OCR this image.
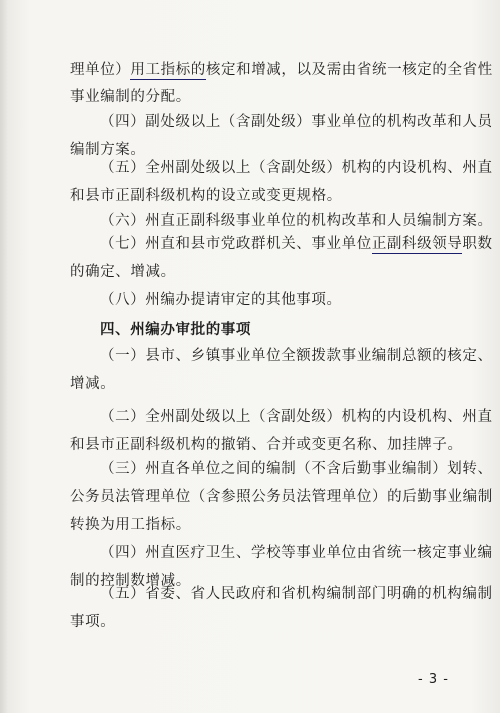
理单位）用工指标的核定和增减，以及需由省统一核定的全省性
事业编制的分配。
（四）副处级以上（含副处级）事业单位的机构改革和人员
编制方案。
（五）全州副处级以上（含副处级）机构的内设机构、州直
和县市正副科级机构的设立或变更规格。
（六）州直正副科级事业单位的机构改革和人员编制方案。
（七）州直和县市党政群机关、事业单位正副科级领导职数
的确定、增减。
（八）州编办提请审定的其他事项。
四、州编办审批的事项
（一）县市、乡镇事业单位全额拨款事业编制总额的核定、
增减。
（二）全州副处级以上（含副处级）机构的内设机构、州直
和县市正副科级机构的撤销、合并或变更名称、加挂牌子。
（三）州直各单位之间的编制（不含后勤事业编制）划转、
公务员法管理单位（含参照公务员法管理单位）的后勤事业编制
转换为用工指标。
（四）州直医疗卫生、学校等事业单位由省统一核定事业编
制的控制数增减。
（五）省委、省人民政府和省机构编制部门明确的机构编制
事项。
- 3 -
